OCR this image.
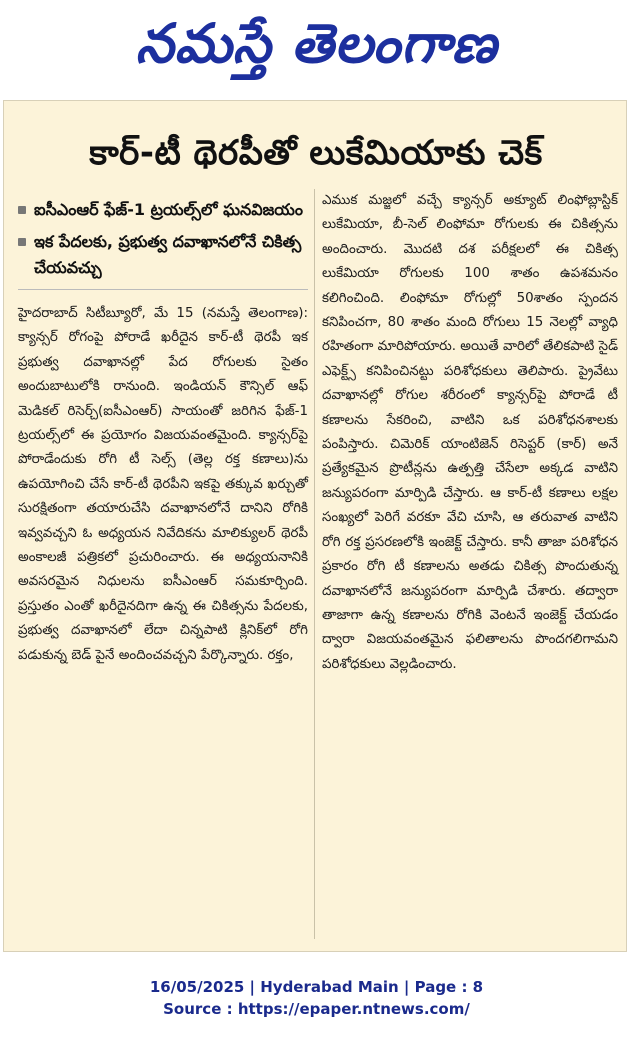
నమస్తే తెలంగాణ
కార్-టీ థెరపీతో లుకేమియాకు చెక్
ఐసీఎంఆర్ ఫేజ్-1 ట్రయల్స్‌లో ఘనవిజయం
ఇక పేదలకు, ప్రభుత్వ దవాఖానలోనే చికిత్స చేయవచ్చు

హైదరాబాద్ సిటీబ్యూరో, మే 15 (నమస్తే తెలంగాణ): క్యాన్సర్ రోగంపై పోరాడే ఖరీదైన కార్-టీ థెరపీ ఇక ప్రభుత్వ దవాఖానల్లో పేద రోగులకు సైతం అందుబాటులోకి రానుంది. ఇండియన్ కౌన్సిల్ ఆఫ్ మెడికల్ రిసెర్చ్(ఐసీఎంఆర్) సాయంతో జరిగిన ఫేజ్-1 ట్రయల్స్‌లో ఈ ప్రయోగం విజయవంతమైంది. క్యాన్సర్‌పై పోరాడేందుకు రోగి టీ సెల్స్ (తెల్ల రక్త కణాలు)ను ఉపయోగించి చేసే కార్-టీ థెరపీని ఇకపై తక్కువ ఖర్చుతో సురక్షితంగా తయారుచేసి దవాఖానలోనే దానిని రోగికి ఇవ్వవచ్చని ఓ అధ్యయన నివేదికను మాలిక్యులర్ థెరపీ అంకాలజీ పత్రికలో ప్రచురించారు. ఈ అధ్యయనానికి అవసరమైన నిధులను ఐసీఎంఆర్ సమకూర్చింది. ప్రస్తుతం ఎంతో ఖరీదైనదిగా ఉన్న ఈ చికిత్సను పేదలకు, ప్రభుత్వ దవాఖానలో లేదా చిన్నపాటి క్లినిక్‌లో రోగి పడుకున్న బెడ్ పైనే అందించవచ్చని పేర్కొన్నారు. రక్తం,

ఎముక మజ్జలో వచ్చే క్యాన్సర్ అక్యూట్ లింఫోబ్లాస్టిక్ లుకేమియా, బీ-సెల్ లింఫోమా రోగులకు ఈ చికిత్సను అందించారు. మొదటి దశ పరీక్షలలో ఈ చికిత్స లుకేమియా రోగులకు 100 శాతం ఉపశమనం కలిగించింది. లింఫోమా రోగుల్లో 50శాతం స్పందన కనిపించగా, 80 శాతం మంది రోగులు 15 నెలల్లో వ్యాధి రహితంగా మారిపోయారు. అయితే వారిలో తేలికపాటి సైడ్ ఎఫెక్ట్స్ కనిపించినట్టు పరిశోధకులు తెలిపారు. ప్రైవేటు దవాఖానల్లో రోగుల శరీరంలో క్యాన్సర్‌పై పోరాడే టీ కణాలను సేకరించి, వాటిని ఒక పరిశోధనశాలకు పంపిస్తారు. చిమెరిక్ యాంటిజెన్ రిసెప్టర్ (కార్) అనే ప్రత్యేకమైన ప్రొటీన్లను ఉత్పత్తి చేసేలా అక్కడ వాటిని జన్యుపరంగా మార్పిడి చేస్తారు. ఆ కార్-టీ కణాలు లక్షల సంఖ్యలో పెరిగే వరకూ వేచి చూసి, ఆ తరువాత వాటిని రోగి రక్త ప్రసరణలోకి ఇంజెక్ట్ చేస్తారు. కానీ తాజా పరిశోధన ప్రకారం రోగి టీ కణాలను అతడు చికిత్స పొందుతున్న దవాఖానలోనే జన్యుపరంగా మార్పిడి చేశారు. తద్వారా తాజాగా ఉన్న కణాలను రోగికి వెంటనే ఇంజెక్ట్ చేయడం ద్వారా విజయవంతమైన ఫలితాలను పొందగలిగామని పరిశోధకులు వెల్లడించారు.

16/05/2025 | Hyderabad Main | Page : 8
Source : https://epaper.ntnews.com/
